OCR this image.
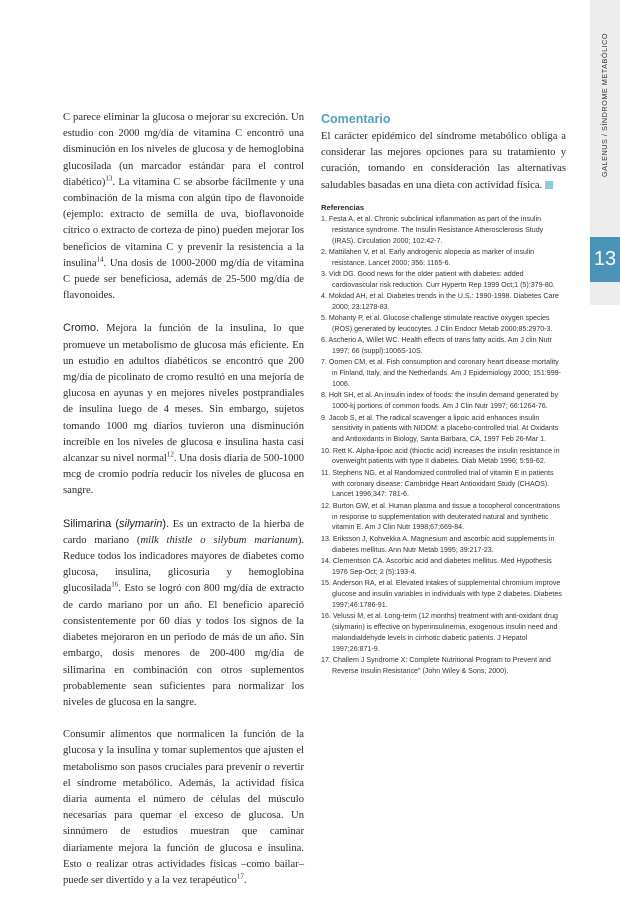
GALENUS / SÍNDROME METABÓLICO
13

C parece eliminar la glucosa o mejorar su excreción. Un estudio con 2000 mg/día de vitamina C encontró una disminución en los niveles de glucosa y de hemoglobina glucosilada (un marcador estándar para el control diabético)$^{13}$. La vitamina C se absorbe fácilmente y una combinación de la misma con algún tipo de flavonoide (ejemplo: extracto de semilla de uva, bioflavonoide cítrico o extracto de corteza de pino) pueden mejorar los beneficios de vitamina C y prevenir la resistencia a la insulina$^{14}$. Una dosis de 1000-2000 mg/día de vitamina C puede ser beneficiosa, además de 25-500 mg/día de flavonoides.

Cromo. Mejora la función de la insulina, lo que promueve un metabolismo de glucosa más eficiente. En un estudio en adultos diabéticos se encontró que 200 mg/día de picolinato de cromo resultó en una mejoría de glucosa en ayunas y en mejores niveles postprandiales de insulina luego de 4 meses. Sin embargo, sujetos tomando 1000 mg diarios tuvieron una disminución increíble en los niveles de glucosa e insulina hasta casi alcanzar su nivel normal$^{12}$. Una dosis diaria de 500-1000 mcg de cromio podría reducir los niveles de glucosa en sangre.

Silimarina (silymarin). Es un extracto de la hierba de cardo mariano (milk thistle o silybum marianum). Reduce todos los indicadores mayores de diabetes como glucosa, insulina, glicosuria y hemoglobina glucosilada$^{16}$. Esto se logró con 800 mg/día de extracto de cardo mariano por un año. El beneficio apareció consistentemente por 60 días y todos los signos de la diabetes mejoraron en un periodo de más de un año. Sin embargo, dosis menores de 200-400 mg/día de silimarina en combinación con otros suplementos probablemente sean suficientes para normalizar los niveles de glucosa en la sangre.

Consumir alimentos que normalicen la función de la glucosa y la insulina y tomar suplementos que ajusten el metabolismo son pasos cruciales para prevenir o revertir el síndrome metabólico. Además, la actividad física diaria aumenta el número de células del músculo necesarias para quemar el exceso de glucosa. Un sinnúmero de estudios muestran que caminar diariamente mejora la función de glucosa e insulina. Esto o realizar otras actividades físicas –como bailar– puede ser divertido y a la vez terapéutico$^{17}$.

Comentario

El carácter epidémico del síndrome metabólico obliga a considerar las mejores opciones para su tratamiento y curación, tomando en consideración las alternativas saludables basadas en una dieta con actividad física.

Referencias
1. Festa A, et al. Chronic subclinical inflammation as part of the insulin resistance syndrome. The Insulin Resistance Atherosclerosis Study (IRAS). Circulation 2000; 102:42-7.
2. Mattilahen V, et al. Early androgenic alopecia as marker of insulin resistance. Lancet 2000; 356: 1165-6.
3. Vidt DG. Good news for the older patient with diabetes: added cardiovascular risk reduction. Curr Hypertn Rep 1999 Oct;1 (5):379-80.
4. Mokdad AH, et al. Diabetes trends in the U.S.: 1990-1998. Diabetes Care 2000; 23:1278-83.
5. Mohanty P, et al. Glucose challenge stimulate reactive oxygen species (ROS) generated by leucocytes. J Clin Endocr Metab 2000;85:2970-3.
6. Ascherio A, Willet WC. Health effects of trans fatty acids. Am J clin Nutr 1997; 66 (suppl):1006S-10S.
7. Oomen CM, et al. Fish consumption and coronary heart disease mortality in Finland, Italy, and the Netherlands. Am J Epidemiology 2000; 151:999-1006.
8. Holt SH, et al. An insulin index of foods: the insulin demand generated by 1000-kj portions of common foods. Am J Clin Nutr 1997; 66:1264-76.
9. Jacob S, et al. The radical scavenger a lipoic acid enhances insulin sensitivity in patients with NIDDM: a placebo-controlled trial. At Oxidants and Antioxidants in Biology, Santa Barbara, CA, 1997 Feb 26-Mar 1.
10. Rett K. Alpha-lipoic acid (thioctic acid) increases the insulin resistance in overweight patients with type II diabetes. Diab Metab 1996; 5:59-62.
11. Stephens NG, et al Randomized controlled trial of vitamin E in patients with coronary disease: Cambridge Heart Antioxidant Study (CHAOS). Lancet 1996;347: 781-6.
12. Burton GW, et al. Human plasma and tissue a tocopherol concentrations in response to supplementation with deuterated natural and synthetic vitamin E. Am J Clin Nutr 1998;67;669-84.
13. Eriksson J, Kohvekka A. Magnesium and ascorbic acid supplements in diabetes mellitus. Ann Nutr Metab 1995; 39:217-23.
14. Clementson CA. Ascorbic acid and diabetes mellitus. Med Hypothesis 1976 Sep-Oct; 2 (5):193-4.
15. Anderson RA, et al. Elevated intakes of supplemental chromium improve glucose and insulin variables in individuals with type 2 diabetes. Diabetes 1997;46:1786-91.
16. Velussi M, et al. Long-term (12 months) treatment with anti-oxidant drug (silymarin) is effective on hyperinsulinemia, exogenous insulin need and malondialdehyde levels in cirrhotic diabetic patients. J Hepatol 1997;26:871-9.
17. Challem J Syndrome X: Complete Nutritional Program to Prevent and Reverse Insulin Resistance" (John Wiley & Sons, 2000).
